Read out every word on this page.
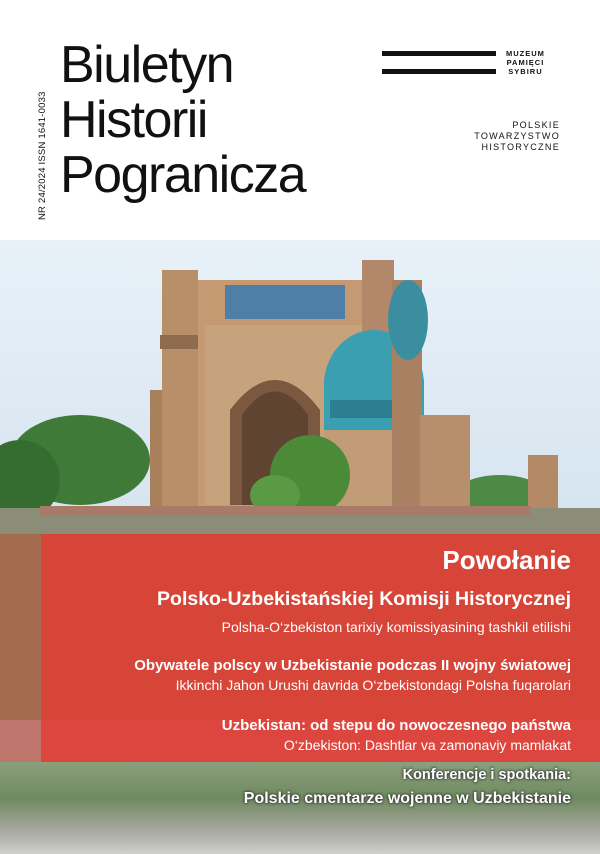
NR 24/2024 ISSN 1641-0033
Biuletyn
Historii
Pogranicza
MUZEUM
PAMIĘCI
SYBIRU
POLSKIE
TOWARZYSTWO
HISTORYCZNE
Powołanie
Polsko-Uzbekistańskiej Komisji Historycznej
Polsha-O‘zbekiston tarixiy komissiyasining tashkil etilishi
Obywatele polscy w Uzbekistanie podczas II wojny światowej
Ikkinchi Jahon Urushi davrida O‘zbekistondagi Polsha fuqarolari
Uzbekistan: od stepu do nowoczesnego państwa
O‘zbekiston: Dashtlar va zamonaviy mamlakat
Konferencje i spotkania:
Polskie cmentarze wojenne w Uzbekistanie
